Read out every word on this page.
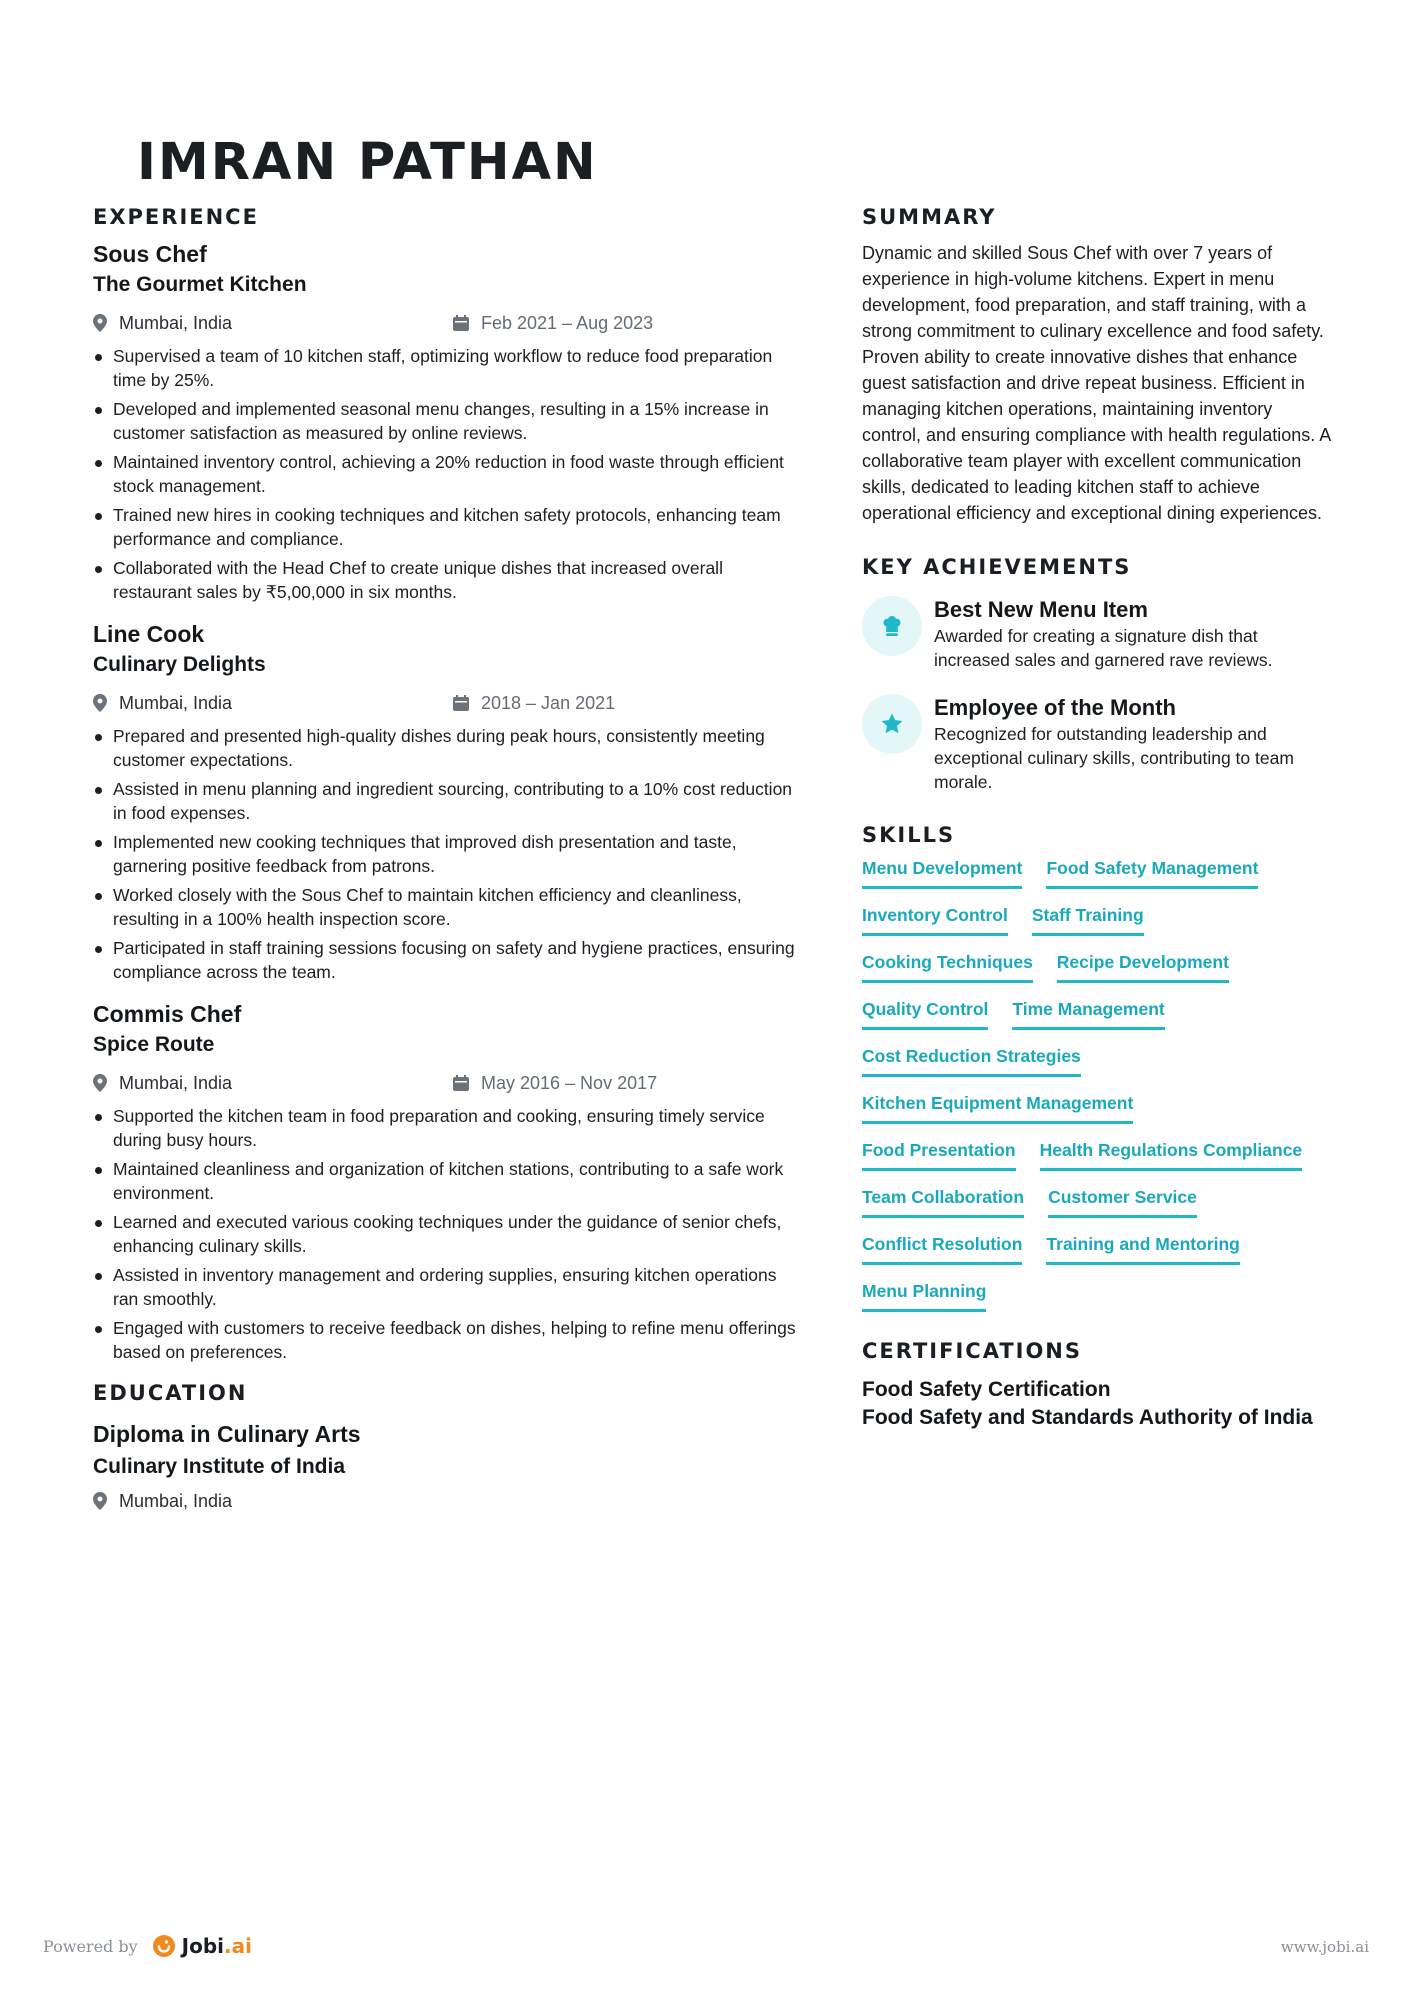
IMRAN PATHAN
EXPERIENCE
Sous Chef
The Gourmet Kitchen
Mumbai, India	Feb 2021 – Aug 2023
Supervised a team of 10 kitchen staff, optimizing workflow to reduce food preparation time by 25%.
Developed and implemented seasonal menu changes, resulting in a 15% increase in customer satisfaction as measured by online reviews.
Maintained inventory control, achieving a 20% reduction in food waste through efficient stock management.
Trained new hires in cooking techniques and kitchen safety protocols, enhancing team performance and compliance.
Collaborated with the Head Chef to create unique dishes that increased overall restaurant sales by ₹5,00,000 in six months.
Line Cook
Culinary Delights
Mumbai, India	2018 – Jan 2021
Prepared and presented high-quality dishes during peak hours, consistently meeting customer expectations.
Assisted in menu planning and ingredient sourcing, contributing to a 10% cost reduction in food expenses.
Implemented new cooking techniques that improved dish presentation and taste, garnering positive feedback from patrons.
Worked closely with the Sous Chef to maintain kitchen efficiency and cleanliness, resulting in a 100% health inspection score.
Participated in staff training sessions focusing on safety and hygiene practices, ensuring compliance across the team.
Commis Chef
Spice Route
Mumbai, India	May 2016 – Nov 2017
Supported the kitchen team in food preparation and cooking, ensuring timely service during busy hours.
Maintained cleanliness and organization of kitchen stations, contributing to a safe work environment.
Learned and executed various cooking techniques under the guidance of senior chefs, enhancing culinary skills.
Assisted in inventory management and ordering supplies, ensuring kitchen operations ran smoothly.
Engaged with customers to receive feedback on dishes, helping to refine menu offerings based on preferences.
EDUCATION
Diploma in Culinary Arts
Culinary Institute of India
Mumbai, India
SUMMARY

Dynamic and skilled Sous Chef with over 7 years of experience in high-volume kitchens. Expert in menu development, food preparation, and staff training, with a strong commitment to culinary excellence and food safety. Proven ability to create innovative dishes that enhance guest satisfaction and drive repeat business. Efficient in managing kitchen operations, maintaining inventory control, and ensuring compliance with health regulations. A collaborative team player with excellent communication skills, dedicated to leading kitchen staff to achieve operational efficiency and exceptional dining experiences.

KEY ACHIEVEMENTS
Best New Menu Item
Awarded for creating a signature dish that increased sales and garnered rave reviews.
Employee of the Month
Recognized for outstanding leadership and exceptional culinary skills, contributing to team morale.
SKILLS
Menu Development Food Safety Management
Inventory Control Staff Training
Cooking Techniques Recipe Development
Quality Control Time Management
Cost Reduction Strategies
Kitchen Equipment Management
Food Presentation Health Regulations Compliance
Team Collaboration Customer Service
Conflict Resolution Training and Mentoring
Menu Planning
CERTIFICATIONS
Food Safety Certification
Food Safety and Standards Authority of India
Powered by Jobi .ai	www.jobi.ai
